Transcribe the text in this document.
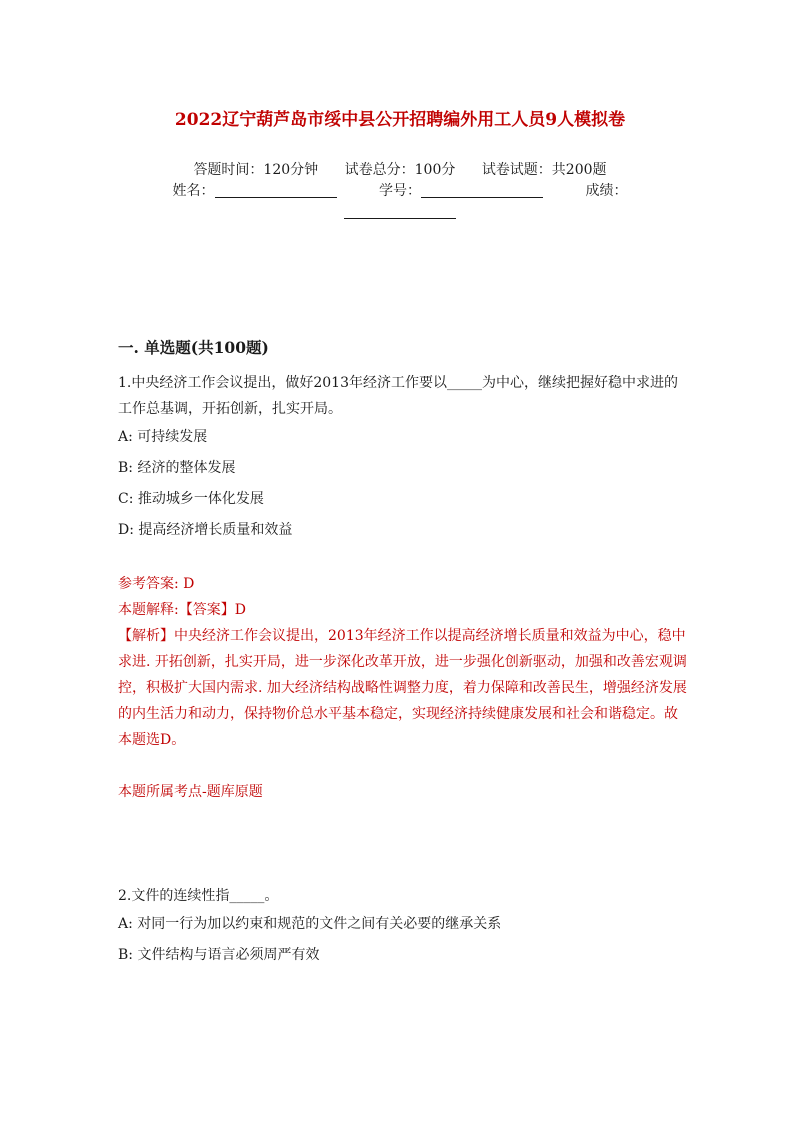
2022辽宁葫芦岛市绥中县公开招聘编外用工人员9人模拟卷
答题时间：120分钟 试卷总分：100分 试卷试题：共200题
姓名：	学号：	成绩：
一. 单选题(共100题)
1.中央经济工作会议提出，做好2013年经济工作要以_____为中心，继续把握好稳中求进的工作总基调，开拓创新，扎实开局。
A: 可持续发展
B: 经济的整体发展
C: 推动城乡一体化发展
D: 提高经济增长质量和效益
参考答案: D
本题解释:【答案】D
【解析】中央经济工作会议提出，2013年经济工作以提高经济增长质量和效益为中心，稳中求进. 开拓创新，扎实开局，进一步深化改革开放，进一步强化创新驱动，加强和改善宏观调控，积极扩大国内需求. 加大经济结构战略性调整力度，着力保障和改善民生，增强经济发展的内生活力和动力，保持物价总水平基本稳定，实现经济持续健康发展和社会和谐稳定。故本题选D。
本题所属考点-题库原题
2.文件的连续性指_____。
A: 对同一行为加以约束和规范的文件之间有关必要的继承关系
B: 文件结构与语言必须周严有效
